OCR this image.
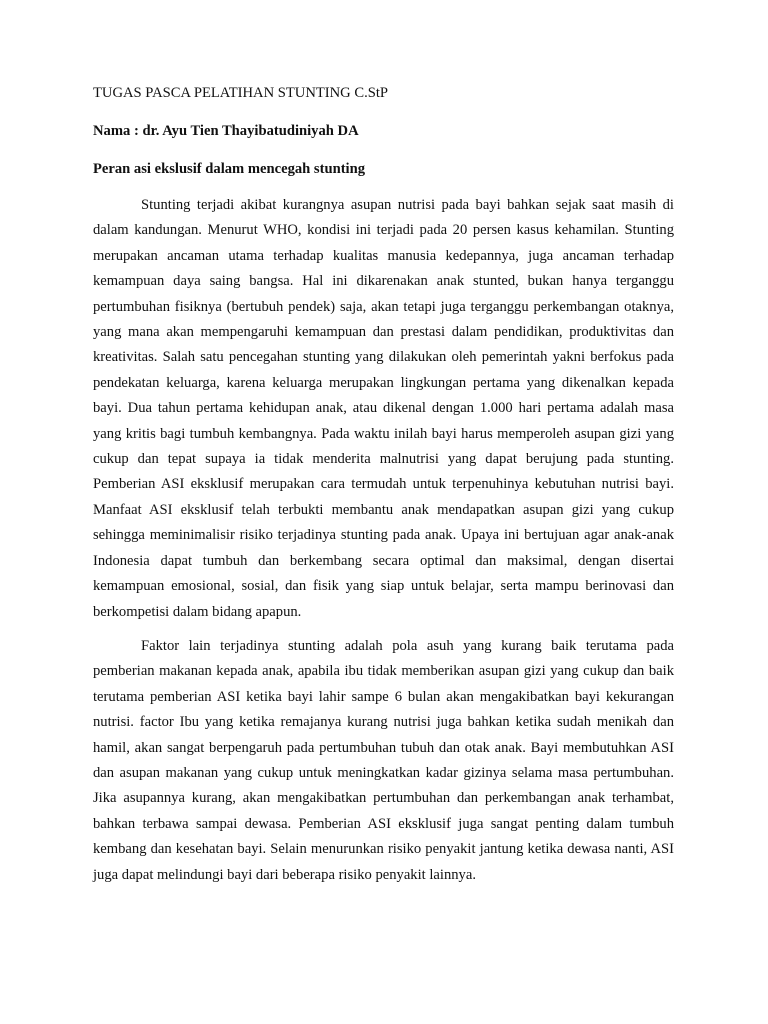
TUGAS PASCA PELATIHAN STUNTING C.StP

Nama : dr. Ayu Tien Thayibatudiniyah DA

Peran asi ekslusif dalam mencegah stunting

Stunting terjadi akibat kurangnya asupan nutrisi pada bayi bahkan sejak saat masih di dalam kandungan. Menurut WHO, kondisi ini terjadi pada 20 persen kasus kehamilan. Stunting merupakan ancaman utama terhadap kualitas manusia kedepannya, juga ancaman terhadap kemampuan daya saing bangsa. Hal ini dikarenakan anak stunted, bukan hanya terganggu pertumbuhan fisiknya (bertubuh pendek) saja, akan tetapi juga terganggu perkembangan otaknya, yang mana akan mempengaruhi kemampuan dan prestasi dalam pendidikan, produktivitas dan kreativitas. Salah satu pencegahan stunting yang dilakukan oleh pemerintah yakni berfokus pada pendekatan keluarga, karena keluarga merupakan lingkungan pertama yang dikenalkan kepada bayi. Dua tahun pertama kehidupan anak, atau dikenal dengan 1.000 hari pertama adalah masa yang kritis bagi tumbuh kembangnya. Pada waktu inilah bayi harus memperoleh asupan gizi yang cukup dan tepat supaya ia tidak menderita malnutrisi yang dapat berujung pada stunting. Pemberian ASI eksklusif merupakan cara termudah untuk terpenuhinya kebutuhan nutrisi bayi. Manfaat ASI eksklusif telah terbukti membantu anak mendapatkan asupan gizi yang cukup sehingga meminimalisir risiko terjadinya stunting pada anak. Upaya ini bertujuan agar anak-anak Indonesia dapat tumbuh dan berkembang secara optimal dan maksimal, dengan disertai kemampuan emosional, sosial, dan fisik yang siap untuk belajar, serta mampu berinovasi dan berkompetisi dalam bidang apapun.

Faktor lain terjadinya stunting adalah pola asuh yang kurang baik terutama pada pemberian makanan kepada anak, apabila ibu tidak memberikan asupan gizi yang cukup dan baik terutama pemberian ASI ketika bayi lahir sampe 6 bulan akan mengakibatkan bayi kekurangan nutrisi. factor Ibu yang ketika remajanya kurang nutrisi juga bahkan ketika sudah menikah dan hamil, akan sangat berpengaruh pada pertumbuhan tubuh dan otak anak. Bayi membutuhkan ASI dan asupan makanan yang cukup untuk meningkatkan kadar gizinya selama masa pertumbuhan. Jika asupannya kurang, akan mengakibatkan pertumbuhan dan perkembangan anak terhambat, bahkan terbawa sampai dewasa. Pemberian ASI eksklusif juga sangat penting dalam tumbuh kembang dan kesehatan bayi. Selain menurunkan risiko penyakit jantung ketika dewasa nanti, ASI juga dapat melindungi bayi dari beberapa risiko penyakit lainnya.
